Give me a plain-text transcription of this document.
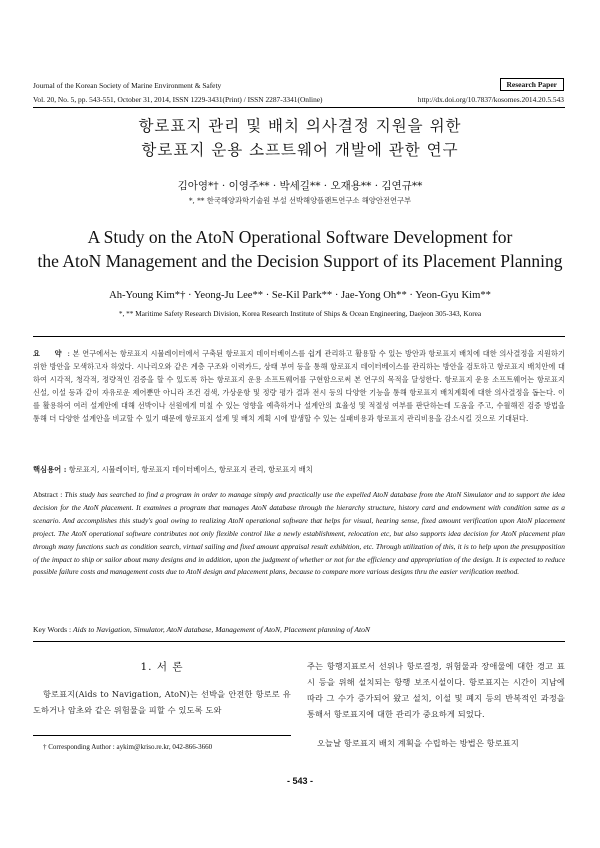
Journal of the Korean Society of Marine Environment & Safety	Research Paper
Vol. 20, No. 5, pp. 543-551, October 31, 2014, ISSN 1229-3431(Print) / ISSN 2287-3341(Online)	http://dx.doi.org/10.7837/kosomes.2014.20.5.543
항로표지 관리 및 배치 의사결정 지원을 위한
항로표지 운용 소프트웨어 개발에 관한 연구
김아영*† · 이영주** · 박세길** · 오재용** · 김연규**
*, ** 한국해양과학기술원 부설 선박해양플랜트연구소 해양안전연구부
A Study on the AtoN Operational Software Development for
the AtoN Management and the Decision Support of its Placement Planning
Ah-Young Kim*† · Yeong-Ju Lee** · Se-Kil Park** · Jae-Yong Oh** · Yeon-Gyu Kim**
*, ** Maritime Safety Research Division, Korea Research Institute of Ships & Ocean Engineering, Daejeon 305-343, Korea
요 약: 본 연구에서는 항로표지 시뮬레이터에서 구축된 항로표지 데이터베이스를 쉽게 관리하고 활용할 수 있는 방안과 항로표지 배치에 대한 의사결정을 지원하기 위한 방안을 모색하고자 하였다. 시나리오와 같은 계층 구조와 이력카드, 상태 부여 등을 통해 항로표지 데이터베이스를 관리하는 방안을 검토하고 항로표지 배치안에 대하여 시각적, 청각적, 정량적인 검증을 할 수 있도록 하는 항로표지 운용 소프트웨어를 구현함으로써 본 연구의 목적을 달성한다. 항로표지 운용 소프트웨어는 항로표지 신설, 이설 등과 같이 자유로운 제어뿐만 아니라 조건 검색, 가상운항 및 정량 평가 결과 전시 등의 다양한 기능을 통해 항로표지 배치계획에 대한 의사결정을 돕는다. 이를 활용하여 여러 설계안에 대해 선박이나 선원에게 미칠 수 있는 영향을 예측하거나 설계안의 효율성 및 적절성 여부를 판단하는데 도움을 주고, 수월해진 검증 방법을 통해 더 다양한 설계안을 비교할 수 있기 때문에 항로표지 설계 및 배치 계획 시에 발생할 수 있는 실패비용과 항로표지 관리비용을 감소시킬 것으로 기대된다.
핵심용어 : 항로표지, 시뮬레이터, 항로표지 데이터베이스, 항로표지 관리, 항로표지 배치
Abstract : This study has searched to find a program in order to manage simply and practically use the expelled AtoN database from the AtoN Simulator and to support the idea decision for the AtoN placement. It examines a program that manages AtoN database through the hierarchy structure, history card and endowment with condition same as a scenario. And accomplishes this study's goal owing to realizing AtoN operational software that helps for visual, hearing sense, fixed amount verification upon AtoN placement project. The AtoN operational software contributes not only flexible control like a newly establishment, relocation etc, but also supports idea decision for AtoN placement plan through many functions such as condition search, virtual sailing and fixed amount appraisal result exhibition, etc. Through utilization of this, it is to help upon the presupposition of the impact to ship or sailor about many designs and in addition, upon the judgment of whether or not for the efficiency and appropriation of the design. It is expected to reduce possible failure costs and management costs due to AtoN design and placement plans, because to compare more various designs thru the easier verification method.
Key Words : Aids to Navigation, Simulator, AtoN database, Management of AtoN, Placement planning of AtoN
1. 서 론
항로표지(Aids to Navigation, AtoN)는 선박을 안전한 항로로 유도하거나 암초와 같은 위험물을 피할 수 있도록 도와
주는 항행지표로서 선위나 항로결정, 위험물과 장애물에 대한 경고 표시 등을 위해 설치되는 항행 보조시설이다. 항로표지는 시간이 지남에 따라 그 수가 증가되어 왔고 설치, 이설 및 폐지 등의 반복적인 과정을 통해서 항로표지에 대한 관리가 중요하게 되었다.
오늘날 항로표지 배치 계획을 수립하는 방법은 항로표지
† Corresponding Author : aykim@kriso.re.kr, 042-866-3660
- 543 -
